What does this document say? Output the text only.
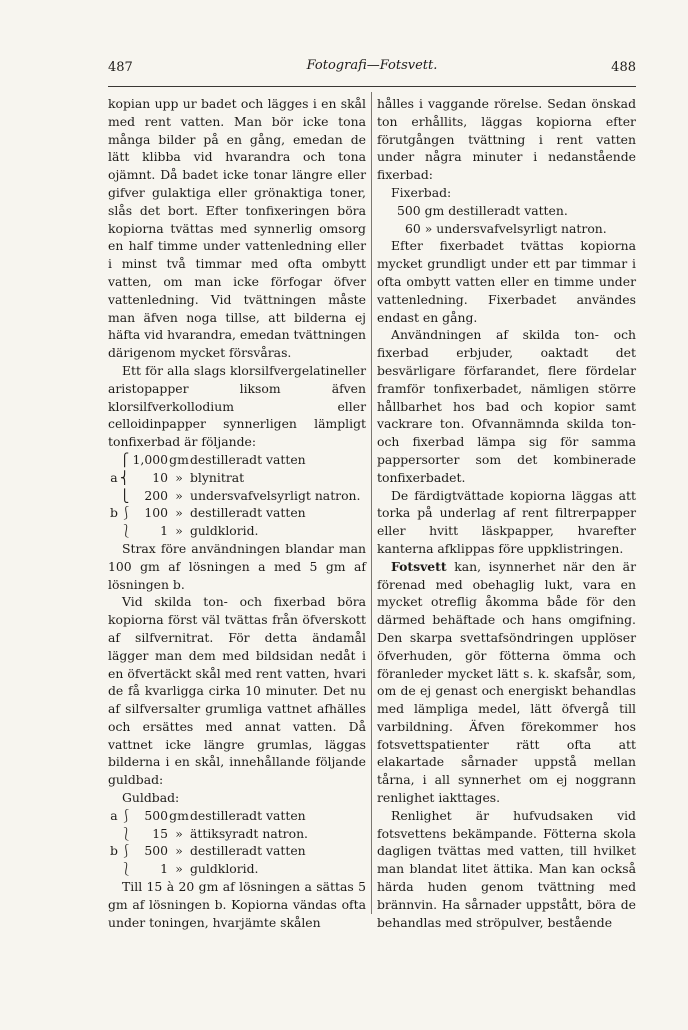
487	Fotografi—Fotsvett.	488

kopian upp ur badet och lägges i en skål med rent vatten. Man bör icke tona många bilder på en gång, emedan de lätt klibba vid hvarandra och tona ojämnt. Då badet icke tonar längre eller gifver gulaktiga eller grönaktiga toner, slås det bort. Efter tonfixeringen böra kopiorna tvättas med synnerlig omsorg en half timme under vattenledning eller i minst två timmar med ofta ombytt vatten, om man icke förfogar öfver vattenledning. Vid tvättningen måste man äfven noga tillse, att bilderna ej häfta vid hvarandra, emedan tvättningen därigenom mycket försvåras.

Ett för alla slags klorsilfvergelatineller aristopapper liksom äfven klorsilfverkollodium eller celloidinpapper synnerligen lämpligt tonfixerbad är följande:

⎧ 1,000gmdestilleradt vatten
a ⎨ 10 » blynitrat
⎩ 200 » undersvafvelsyrligt natron.
b ⎰ 100 » destilleradt vatten
⎱ 1 » guldklorid.

Strax före användningen blandar man 100 gm af lösningen a med 5 gm af lösningen b.

Vid skilda ton- och fixerbad böra kopiorna först väl tvättas från öfverskott af silfvernitrat. För detta ändamål lägger man dem med bildsidan nedåt i en öfvertäckt skål med rent vatten, hvari de få kvarligga cirka 10 minuter. Det nu af silfversalter grumliga vattnet afhälles och ersättes med annat vatten. Då vattnet icke längre grumlas, läggas bilderna i en skål, innehållande följande guldbad:

Guldbad:

a ⎰ 500gmdestilleradt vatten
⎱ 15 » ättiksyradt natron.
b ⎰ 500 » destilleradt vatten
⎱ 1 » guldklorid.

Till 15 à 20 gm af lösningen a sättas 5 gm af lösningen b. Kopiorna vändas ofta under toningen, hvarjämte skålen

hålles i vaggande rörelse. Sedan önskad ton erhållits, läggas kopiorna efter förutgången tvättning i rent vatten under några minuter i nedanstående fixerbad:

Fixerbad:

500 gm destilleradt vatten.

60 » undersvafvelsyrligt natron.

Efter fixerbadet tvättas kopiorna mycket grundligt under ett par timmar i ofta ombytt vatten eller en timme under vattenledning. Fixerbadet användes endast en gång.

Användningen af skilda ton- och fixerbad erbjuder, oaktadt det besvärligare förfarandet, flere fördelar framför tonfixerbadet, nämligen större hållbarhet hos bad och kopior samt vackrare ton. Ofvannämnda skilda ton- och fixerbad lämpa sig för samma pappersorter som det kombinerade tonfixerbadet.

De färdigtvättade kopiorna läggas att torka på underlag af rent filtrerpapper eller hvitt läskpapper, hvarefter kanterna afklippas före uppklistringen.

Fotsvett kan, isynnerhet när den är förenad med obehaglig lukt, vara en mycket otreflig åkomma både för den därmed behäftade och hans omgifning. Den skarpa svettafsöndringen upplöser öfverhuden, gör fötterna ömma och föranleder mycket lätt s. k. skafsår, som, om de ej genast och energiskt behandlas med lämpliga medel, lätt öfvergå till varbildning. Äfven förekommer hos fotsvettspatienter rätt ofta att elakartade sårnader uppstå mellan tårna, i all synnerhet om ej noggrann renlighet iakttages.

Renlighet är hufvudsaken vid fotsvettens bekämpande. Fötterna skola dagligen tvättas med vatten, till hvilket man blandat litet ättika. Man kan också härda huden genom tvättning med brännvin. Ha sårnader uppstått, böra de behandlas med ströpulver, bestående
